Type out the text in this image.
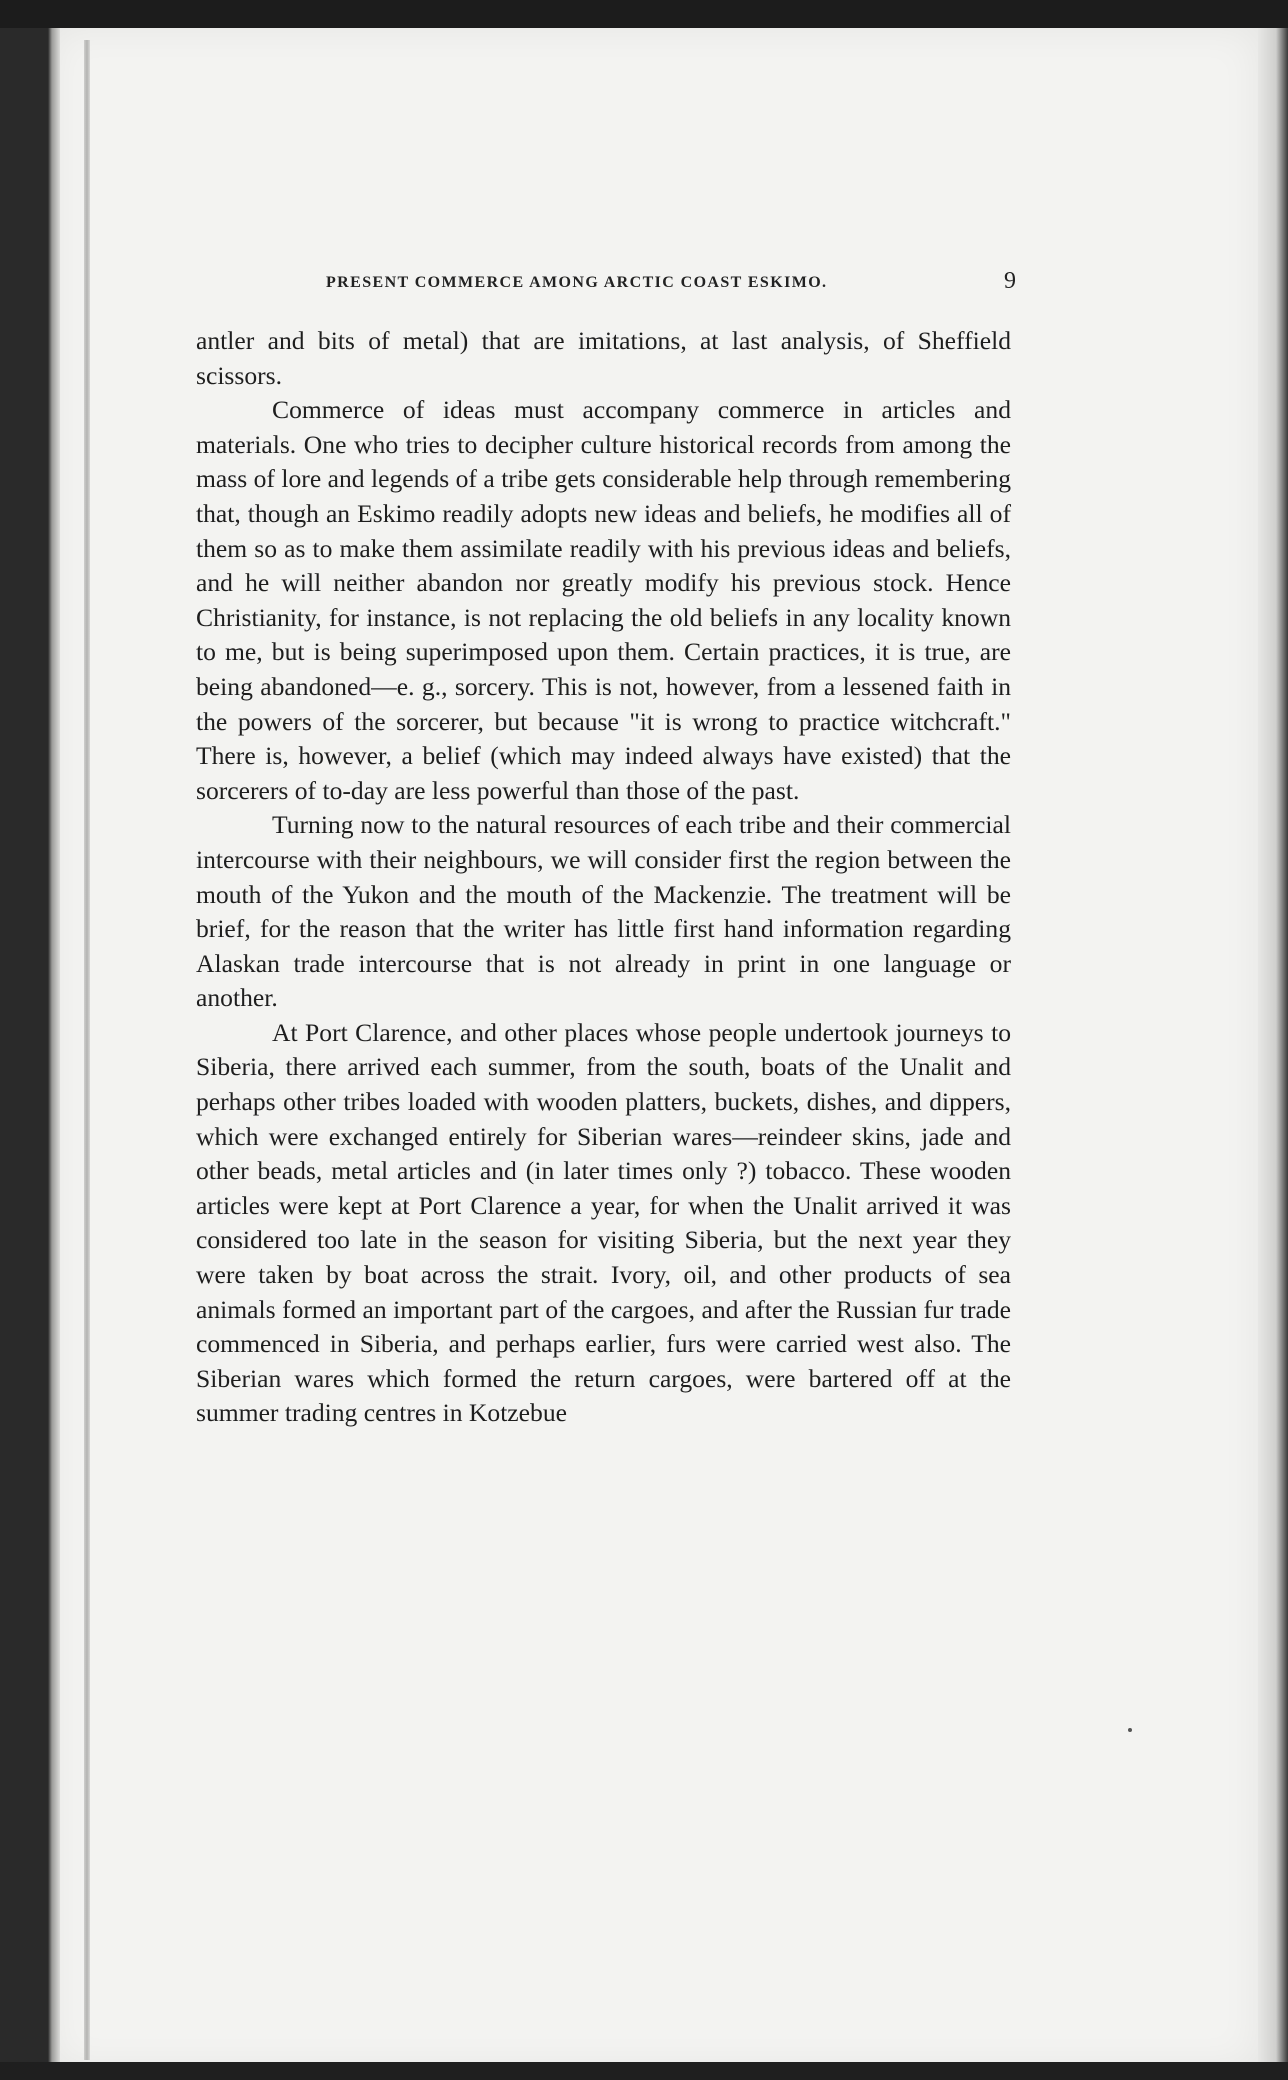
PRESENT COMMERCE AMONG ARCTIC COAST ESKIMO.	9

antler and bits of metal) that are imitations, at last analysis, of Sheffield scissors.

Commerce of ideas must accompany commerce in articles and materials. One who tries to decipher culture historical records from among the mass of lore and legends of a tribe gets considerable help through remembering that, though an Eskimo readily adopts new ideas and beliefs, he modifies all of them so as to make them assimilate readily with his previous ideas and beliefs, and he will neither abandon nor greatly modify his previous stock. Hence Christianity, for instance, is not replacing the old beliefs in any locality known to me, but is being superimposed upon them. Certain practices, it is true, are being abandoned—e. g., sorcery. This is not, however, from a lessened faith in the powers of the sorcerer, but because "it is wrong to practice witchcraft." There is, however, a belief (which may indeed always have existed) that the sorcerers of to-day are less powerful than those of the past.

Turning now to the natural resources of each tribe and their commercial intercourse with their neighbours, we will consider first the region between the mouth of the Yukon and the mouth of the Mackenzie. The treatment will be brief, for the reason that the writer has little first hand information regarding Alaskan trade intercourse that is not already in print in one language or another.

At Port Clarence, and other places whose people undertook journeys to Siberia, there arrived each summer, from the south, boats of the Unalit and perhaps other tribes loaded with wooden platters, buckets, dishes, and dippers, which were exchanged entirely for Siberian wares—reindeer skins, jade and other beads, metal articles and (in later times only ?) tobacco. These wooden articles were kept at Port Clarence a year, for when the Unalit arrived it was considered too late in the season for visiting Siberia, but the next year they were taken by boat across the strait. Ivory, oil, and other products of sea animals formed an important part of the cargoes, and after the Russian fur trade commenced in Siberia, and perhaps earlier, furs were carried west also. The Siberian wares which formed the return cargoes, were bartered off at the summer trading centres in Kotzebue
